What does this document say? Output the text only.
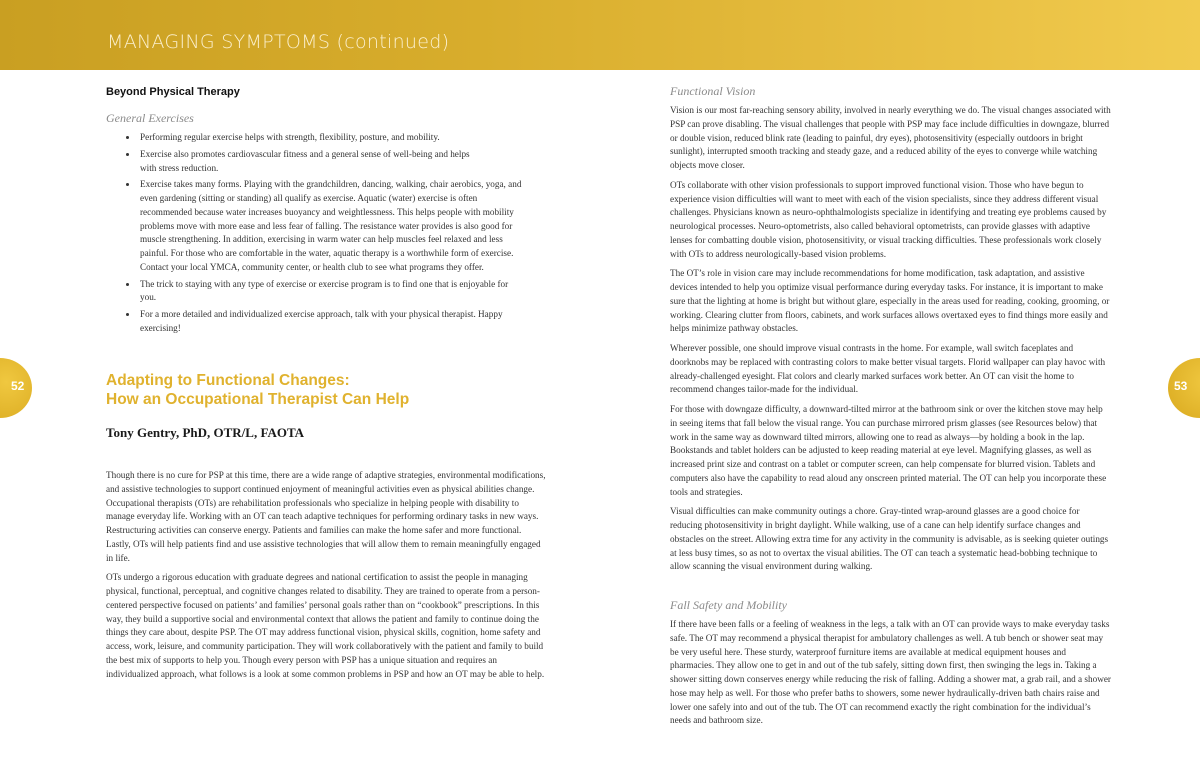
MANAGING SYMPTOMS (continued)
52	53
Beyond Physical Therapy
General Exercises
• Performing regular exercise helps with strength, flexibility, posture, and mobility.
• Exercise also promotes cardiovascular fitness and a general sense of well-being and helps with stress reduction.
• Exercise takes many forms. Playing with the grandchildren, dancing, walking, chair aerobics, yoga, and even gardening (sitting or standing) all qualify as exercise. Aquatic (water) exercise is often recommended because water increases buoyancy and weightlessness. This helps people with mobility problems move with more ease and less fear of falling. The resistance water provides is also good for muscle strengthening. In addition, exercising in warm water can help muscles feel relaxed and less painful. For those who are comfortable in the water, aquatic therapy is a worthwhile form of exercise. Contact your local YMCA, community center, or health club to see what programs they offer.
• The trick to staying with any type of exercise or exercise program is to find one that is enjoyable for you.
• For a more detailed and individualized exercise approach, talk with your physical therapist. Happy exercising!
Adapting to Functional Changes:
How an Occupational Therapist Can Help
Tony Gentry, PhD, OTR/L, FAOTA

Though there is no cure for PSP at this time, there are a wide range of adaptive strategies, environmental modifications, and assistive technologies to support continued enjoyment of meaningful activities even as physical abilities change. Occupational therapists (OTs) are rehabilitation professionals who specialize in helping people with disability to manage everyday life. Working with an OT can teach adaptive techniques for performing ordinary tasks in new ways. Restructuring activities can conserve energy. Patients and families can make the home safer and more functional. Lastly, OTs will help patients find and use assistive technologies that will allow them to remain meaningfully engaged in life.

OTs undergo a rigorous education with graduate degrees and national certification to assist the people in managing physical, functional, perceptual, and cognitive changes related to disability. They are trained to operate from a person-centered perspective focused on patients’ and families’ personal goals rather than on “cookbook” prescriptions. In this way, they build a supportive social and environmental context that allows the patient and family to continue doing the things they care about, despite PSP. The OT may address functional vision, physical skills, cognition, home safety and access, work, leisure, and community participation. They will work collaboratively with the patient and family to build the best mix of supports to help you. Though every person with PSP has a unique situation and requires an individualized approach, what follows is a look at some common problems in PSP and how an OT may be able to help.

Functional Vision

Vision is our most far-reaching sensory ability, involved in nearly everything we do. The visual changes associated with PSP can prove disabling. The visual challenges that people with PSP may face include difficulties in downgaze, blurred or double vision, reduced blink rate (leading to painful, dry eyes), photosensitivity (especially outdoors in bright sunlight), interrupted smooth tracking and steady gaze, and a reduced ability of the eyes to converge while watching objects move closer.

OTs collaborate with other vision professionals to support improved functional vision. Those who have begun to experience vision difficulties will want to meet with each of the vision specialists, since they address different visual challenges. Physicians known as neuro-ophthalmologists specialize in identifying and treating eye problems caused by neurological processes. Neuro-optometrists, also called behavioral optometrists, can provide glasses with adaptive lenses for combatting double vision, photosensitivity, or visual tracking difficulties. These professionals work closely with OTs to address neurologically-based vision problems.

The OT’s role in vision care may include recommendations for home modification, task adaptation, and assistive devices intended to help you optimize visual performance during everyday tasks. For instance, it is important to make sure that the lighting at home is bright but without glare, especially in the areas used for reading, cooking, grooming, or working. Clearing clutter from floors, cabinets, and work surfaces allows overtaxed eyes to find things more easily and helps minimize pathway obstacles.

Wherever possible, one should improve visual contrasts in the home. For example, wall switch faceplates and doorknobs may be replaced with contrasting colors to make better visual targets. Florid wallpaper can play havoc with already-challenged eyesight. Flat colors and clearly marked surfaces work better. An OT can visit the home to recommend changes tailor-made for the individual.

For those with downgaze difficulty, a downward-tilted mirror at the bathroom sink or over the kitchen stove may help in seeing items that fall below the visual range. You can purchase mirrored prism glasses (see Resources below) that work in the same way as downward tilted mirrors, allowing one to read as always—by holding a book in the lap. Bookstands and tablet holders can be adjusted to keep reading material at eye level. Magnifying glasses, as well as increased print size and contrast on a tablet or computer screen, can help compensate for blurred vision. Tablets and computers also have the capability to read aloud any onscreen printed material. The OT can help you incorporate these tools and strategies.

Visual difficulties can make community outings a chore. Gray-tinted wrap-around glasses are a good choice for reducing photosensitivity in bright daylight. While walking, use of a cane can help identify surface changes and obstacles on the street. Allowing extra time for any activity in the community is advisable, as is seeking quieter outings at less busy times, so as not to overtax the visual abilities. The OT can teach a systematic head-bobbing technique to allow scanning the visual environment during walking.

Fall Safety and Mobility

If there have been falls or a feeling of weakness in the legs, a talk with an OT can provide ways to make everyday tasks safe. The OT may recommend a physical therapist for ambulatory challenges as well. A tub bench or shower seat may be very useful here. These sturdy, waterproof furniture items are available at medical equipment houses and pharmacies. They allow one to get in and out of the tub safely, sitting down first, then swinging the legs in. Taking a shower sitting down conserves energy while reducing the risk of falling. Adding a shower mat, a grab rail, and a shower hose may help as well. For those who prefer baths to showers, some newer hydraulically-driven bath chairs raise and lower one safely into and out of the tub. The OT can recommend exactly the right combination for the individual’s needs and bathroom size.
